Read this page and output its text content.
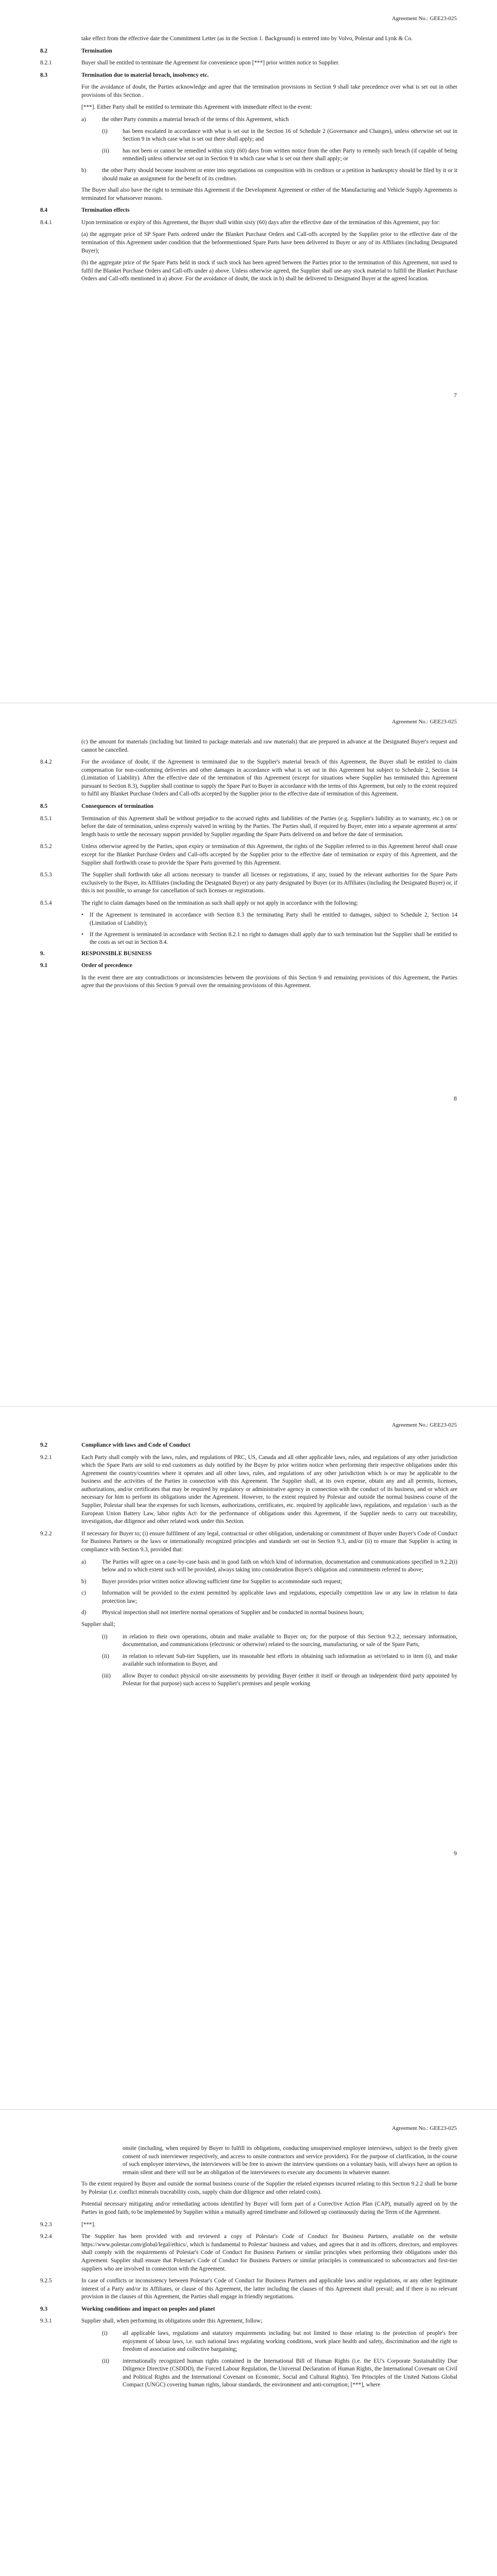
Agreement No.: GEE23-025
take effect from the effective date the Commitment Letter (as in the Section 1. Background) is entered into by Volvo, Polestar and Lynk & Co.
8.2	Termination
8.2.1	Buyer shall be entitled to terminate the Agreement for convenience upon [***] prior written notice to Supplier.
8.3	Termination due to material breach, insolvency etc.
For the avoidance of doubt, the Parties acknowledge and agree that the termination provisions in Section 9 shall take precedence over what is set out in other provisions of this Section .
[***]. Either Party shall be entitled to terminate this Agreement with immediate effect in the event:
a)	the other Party commits a material breach of the terms of this Agreement, which
(i)	has been escalated in accordance with what is set out in the Section 16 of Schedule 2 (Governance and Changes), unless otherwise set out in Section 9 in which case what is set out there shall apply; and
(ii)	has not been or cannot be remedied within sixty (60) days from written notice from the other Party to remedy such breach (if capable of being remedied) unless otherwise set out in Section 9 in which case what is set out there shall apply; or
b)	the other Party should become insolvent or enter into negotiations on composition with its creditors or a petition in bankruptcy should be filed by it or it should make an assignment for the benefit of its creditors.
The Buyer shall also have the right to terminate this Agreement if the Development Agreement or either of the Manufacturing and Vehicle Supply Agreements is terminated for whatsoever reasons.
8.4	Termination effects
8.4.1	Upon termination or expiry of this Agreement, the Buyer shall within sixty (60) days after the effective date of the termination of this Agreement, pay for:
(a) the aggregate price of SP Spare Parts ordered under the Blanket Purchase Orders and Call-offs accepted by the Supplier prior to the effective date of the termination of this Agreement under condition that the beforementioned Spare Parts have been delivered to Buyer or any of its Affiliates (including Designated Buyer);
(b) the aggregate price of the Spare Parts held in stock if such stock has been agreed between the Parties prior to the termination of this Agreement, not used to fulfil the Blanket Purchase Orders and Call-offs under a) above. Unless otherwise agreed, the Supplier shall use any stock material to fulfill the Blanket Purchase Orders and Call-offs mentioned in a) above. For the avoidance of doubt, the stock in b) shall be delivered to Designated Buyer at the agreed location.
7
Agreement No.: GEE23-025
(c) the amount for materials (including but limited to package materials and raw materials) that are prepared in advance at the Designated Buyer's request and cannot be cancelled.
8.4.2	For the avoidance of doubt, if the Agreement is terminated due to the Supplier's material breach of this Agreement, the Buyer shall be entitled to claim compensation for non-conforming deliveries and other damages in accordance with what is set out in this Agreement but subject to Schedule 2, Section 14 (Limitation of Liability). After the effective date of the termination of this Agreement (except for situations where Supplier has terminated this Agreement pursuant to Section 8.3), Supplier shall continue to supply the Spare Part to Buyer in accordance with the terms of this Agreement, but only to the extent required to fulfil any Blanket Purchase Orders and Call-offs accepted by the Supplier prior to the effective date of termination of this Agreement.
8.5	Consequences of termination
8.5.1	Termination of this Agreement shall be without prejudice to the accrued rights and liabilities of the Parties (e.g. Supplier's liability as to warranty, etc.) on or before the date of termination, unless expressly waived in writing by the Parties. The Parties shall, if required by Buyer, enter into a separate agreement at arms' length basis to settle the necessary support provided by Supplier regarding the Spare Parts delivered on and before the date of termination.
8.5.2	Unless otherwise agreed by the Parties, upon expiry or termination of this Agreement, the rights of the Supplier referred to in this Agreement hereof shall cease except for the Blanket Purchase Orders and Call-offs accepted by the Supplier prior to the effective date of termination or expiry of this Agreement, and the Supplier shall forthwith cease to provide the Spare Parts governed by this Agreement.
8.5.3	The Supplier shall forthwith take all actions necessary to transfer all licenses or registrations, if any, issued by the relevant authorities for the Spare Parts exclusively to the Buyer, its Affiliates (including the Designated Buyer) or any party designated by Buyer (or its Affiliates (including the Designated Buyer) or, if this is not possible, to arrange for cancellation of such licenses or registrations.
8.5.4	The right to claim damages based on the termination as such shall apply or not apply in accordance with the following:
•	If the Agreement is terminated in accordance with Section 8.3 the terminating Party shall be entitled to damages, subject to Schedule 2, Section 14 (Limitation of Liability);
•	If the Agreement is terminated in accordance with Section 8.2.1 no right to damages shall apply due to such termination but the Supplier shall be entitled to the costs as set out in Section 8.4.
9.	RESPONSIBLE BUSINESS
9.1	Order of precedence
In the event there are any contradictions or inconsistencies between the provisions of this Section 9 and remaining provisions of this Agreement, the Parties agree that the provisions of this Section 9 prevail over the remaining provisions of this Agreement.
8
Agreement No.: GEE23-025
9.2	Compliance with laws and Code of Conduct
9.2.1	Each Party shall comply with the laws, rules, and regulations of PRC, US, Canada and all other applicable laws, rules, and regulations of any other jurisdiction which the Spare Parts are sold to end customers as duly notified by the Buyer by prior written notice when performing their respective obligations under this Agreement the country/countries where it operates and all other laws, rules, and regulations of any other jurisdiction which is or may be applicable to the business and the activities of the Parties in connection with this Agreement. The Supplier shall, at its own expense, obtain any and all permits, licenses, authorizations, and/or certificates that may be required by regulatory or administrative agency in connection with the conduct of its business, and or which are necessary for him to perform its obligations under the Agreement. However, to the extent required by Polestar and outside the normal business course of the Supplier, Polestar shall bear the expenses for such licenses, authorizations, certificates, etc. required by applicable laws, regulations, and regulation \ such as the European Union Battery Law, labor rights Act\ for the performance of obligations under this Agreement, if the Supplier needs to carry out traceability, investigation, due diligence and other related work under this Section.
9.2.2	If necessary for Buyer to; (i) ensure fulfilment of any legal, contractual or other obligation, undertaking or commitment of Buyer under Buyer's Code of Conduct for Business Partners or the laws or internationally recognized principles and standards set out in Section 9.3, and/or (ii) to ensure that Supplier is acting in compliance with Section 9.3, provided that:
a)	The Parties will agree on a case-by-case basis and in good faith on which kind of information, documentation and communications specified in 9.2.2(i) below and to which extent such will be provided, always taking into consideration Buyer's obligation and commitments referred to above;
b)	Buyer provides prior written notice allowing sufficient time for Supplier to accommodate such request;
c)	Information will be provided to the extent permitted by applicable laws and regulations, especially competition law or any law in relation to data protection law;
d)	Physical inspection shall not interfere normal operations of Supplier and be conducted in normal business hours;
Supplier shall;
(i)	in relation to their own operations, obtain and make available to Buyer on; for the purpose of this Section 9.2.2, necessary information, documentation, and communications (electronic or otherwise) related to the sourcing, manufacturing, or sale of the Spare Parts,
(ii)	in relation to relevant Sub-tier Suppliers, use its reasonable best efforts in obtaining such information as set/related to in item (i), and make available such information to Buyer, and
(iii)	allow Buyer to conduct physical on-site assessments by providing Buyer (either it itself or through an independent third party appointed by Polestar for that purpose) such access to Supplier's premises and people working
9
Agreement No.: GEE23-025
onsite (including, when required by Buyer to fulfill its obligations, conducting unsupervised employee interviews, subject to the freely given consent of such interviewee respectively, and access to onsite contractors and service providers). For the purpose of clarification, in the course of such employee interviews, the interviewees will be free to answer the interview questions on a voluntary basis, will always have an option to remain silent and there will not be an obligation of the interviewees to execute any documents in whatever manner.
To the extent required by Buyer and outside the normal business course of the Supplier the related expenses incurred relating to this Section 9.2.2 shall be borne by Polestar (i.e. conflict minerals traceability costs, supply chain due diligence and other related costs).
Potential necessary mitigating and/or remediating actions identified by Buyer will form part of a Corrective Action Plan (CAP), mutually agreed on by the Parties in good faith, to be implemented by Supplier within a mutually agreed timeframe and followed up continuously during the Term of the Agreement.
9.2.3	[***].
9.2.4	The Supplier has been provided with and reviewed a copy of Polestar's Code of Conduct for Business Partners, available on the website https://www.polestar.com/global/legal/ethics/, which is fundamental to Polestar' business and values, and agrees that it and its officers, directors, and employees shall comply with the requirements of Polestar's Code of Conduct for Business Partners or similar principles when performing their obligations under this Agreement. Supplier shall ensure that Polestar's Code of Conduct for Business Partners or similar principles is communicated to subcontractors and first-tier suppliers who are involved in connection with the Agreement.
9.2.5	In case of conflicts or inconsistency between Polestar's Code of Conduct for Business Partners and applicable laws and/or regulations, or any other legitimate interest of a Party and/or its Affiliates, or clause of this Agreement, the latter including the clauses of this Agreement shall prevail; and if there is no relevant provision in the clauses of this Agreement, the Parties shall engage in friendly negotiations.
9.3	Working conditions and impact on peoples and planet
9.3.1	Supplier shall, when performing its obligations under this Agreement, follow;
(i)	all applicable laws, regulations and statutory requirements including but not limited to those relating to the protection of people's free enjoyment of labour laws, i.e. such national laws regulating working conditions, work place health and safety, discrimination and the right to freedom of association and collective bargaining;
(ii)	internationally recognized human rights contained in the International Bill of Human Rights (i.e. the EU's Corporate Sustainability Due Diligence Directive (CSDDD), the Forced Labour Regulation, the Universal Declaration of Human Rights, the International Covenant on Civil and Political Rights and the International Covenant on Economic, Social and Cultural Rights). Ten Principles of the United Nations Global Compact (UNGC) covering human rights, labour standards, the environment and anti-corruption; [***], where
